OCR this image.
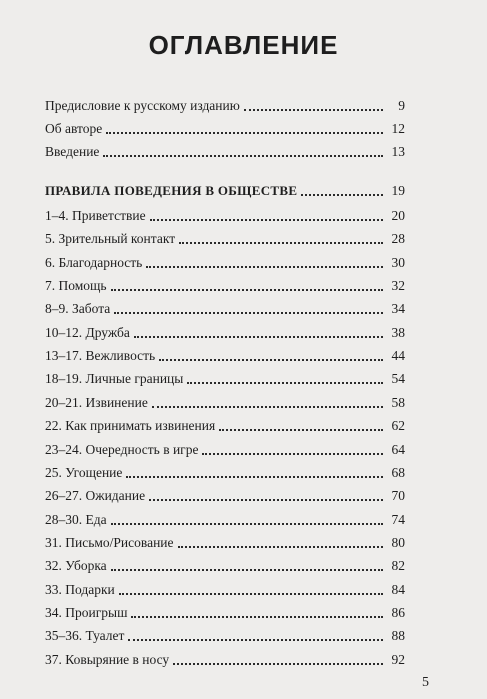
ОГЛАВЛЕНИЕ
Предисловие к русскому изданию	9
Об авторе	12
Введение	13
ПРАВИЛА ПОВЕДЕНИЯ В ОБЩЕСТВЕ	19
1–4. Приветствие	20
5. Зрительный контакт	28
6. Благодарность	30
7. Помощь	32
8–9. Забота	34
10–12. Дружба	38
13–17. Вежливость	44
18–19. Личные границы	54
20–21. Извинение	58
22. Как принимать извинения	62
23–24. Очередность в игре	64
25. Угощение	68
26–27. Ожидание	70
28–30. Еда	74
31. Письмо/Рисование	80
32. Уборка	82
33. Подарки	84
34. Проигрыш	86
35–36. Туалет	88
37. Ковыряние в носу	92
5
